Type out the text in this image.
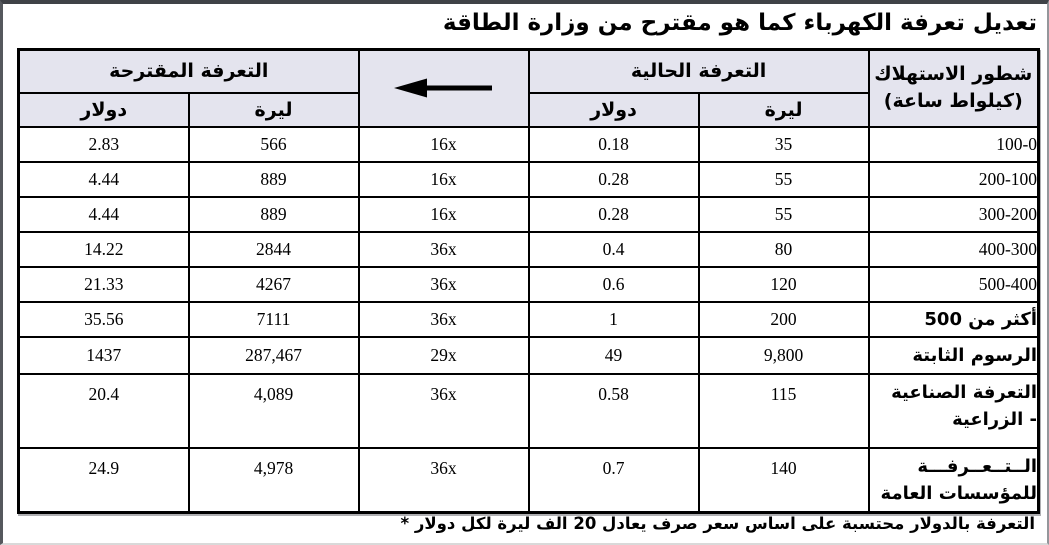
تعديل تعرفة الكهرباء كما هو مقترح من وزارة الطاقة
شطور الاستهلاك
(كيلواط ساعة)	التعرفة الحالية			التعرفة المقترحة	
	ليرة	دولار		ليرة	دولار
100-0	35	0.18	16x	566	2.83
200-100	55	0.28	16x	889	4.44
300-200	55	0.28	16x	889	4.44
400-300	80	0.4	36x	2844	14.22
500-400	120	0.6	36x	4267	21.33
أكثر من 500	200	1	36x	7111	35.56
الرسوم الثابتة	9,800	49	29x	287,467	1437

التعرفة الصناعية
- الزراعية	115	0.58	36x	4,089	20.4

الــتــعــرفـــة
للمؤسسات العامة	140	0.7	36x	4,978	24.9
التعرفة بالدولار محتسبة على اساس سعر صرف يعادل 20 الف ليرة لكل دولار *
